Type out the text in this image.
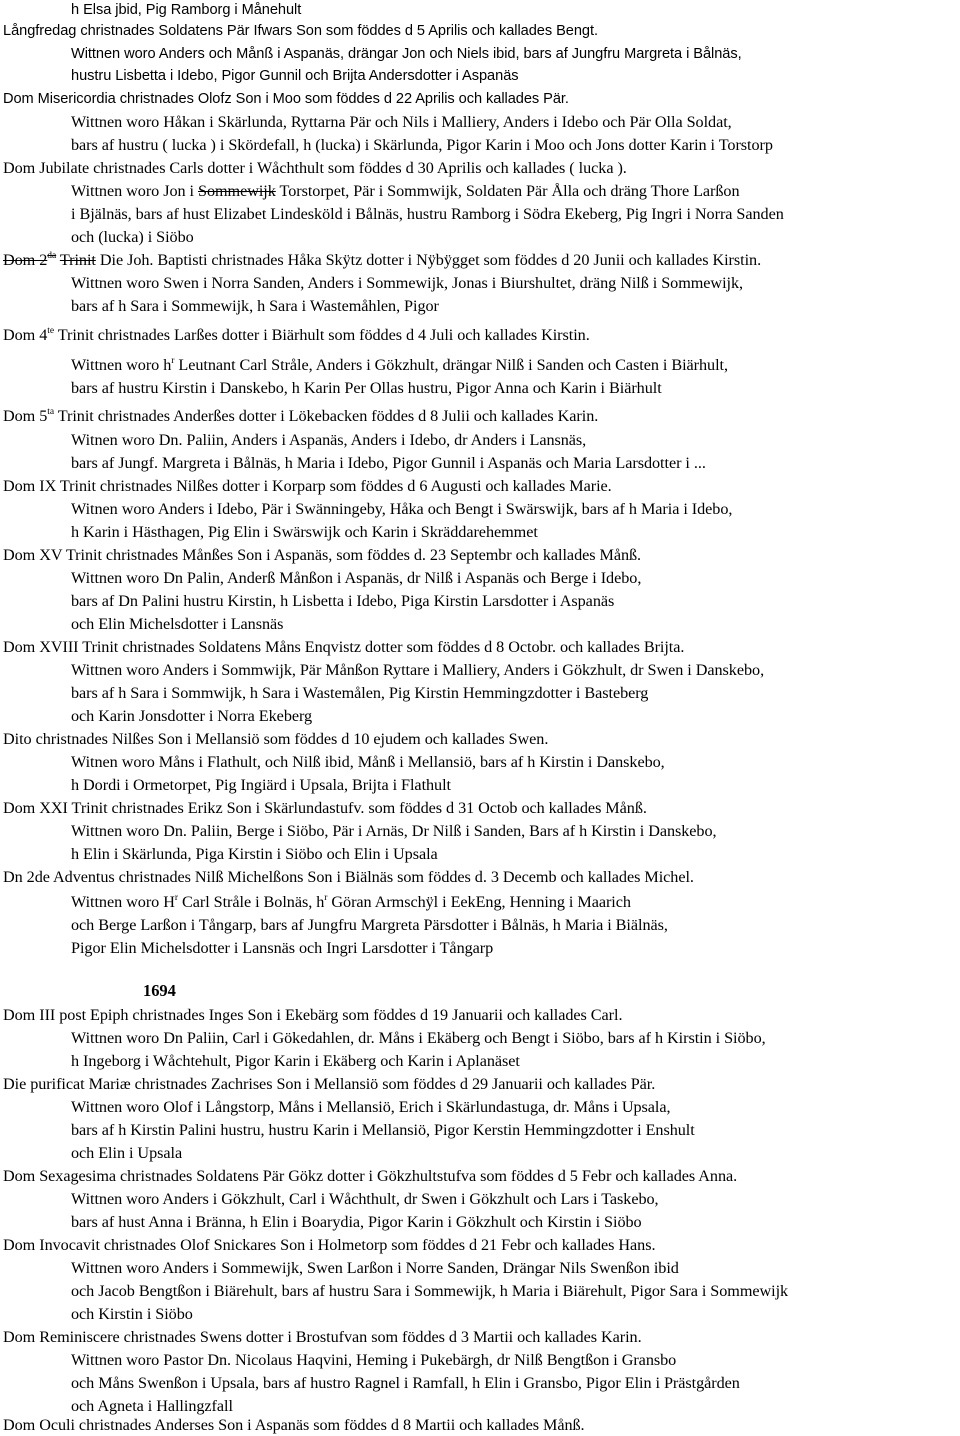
1694
h Elsa jbid, Pig Ramborg i Månehult
Långfredag christnades Soldatens Pär Ifwars Son som föddes d 5 Aprilis och kallades Bengt.
Wittnen woro Anders och Månß i Aspanäs, drängar Jon och Niels ibid, bars af Jungfru Margreta i Bålnäs,
hustru Lisbetta i Idebo, Pigor Gunnil och Brijta Andersdotter i Aspanäs
Dom Misericordia christnades Olofz Son i Moo som föddes d 22 Aprilis och kallades Pär.
Wittnen woro Håkan i Skärlunda, Ryttarna Pär och Nils i Malliery, Anders i Idebo och Pär Olla Soldat,
bars af hustru ( lucka ) i Skördefall, h (lucka) i Skärlunda, Pigor Karin i Moo och Jons dotter Karin i Torstorp
Dom Jubilate christnades Carls dotter i Wåchthult som föddes d 30 Aprilis och kallades ( lucka ).
Wittnen woro Jon i Sommewijk Torstorpet, Pär i Sommwijk, Soldaten Pär Ålla och dräng Thore Larßon
i Bjälnäs, bars af hust Elizabet Lindesköld i Bålnäs, hustru Ramborg i Södra Ekeberg, Pig Ingri i Norra Sanden
och (lucka) i Siöbo
Dom $2^{da}$ Trinit Die Joh. Baptisti christnades Håka Skÿtz dotter i Nÿbÿgget som föddes d 20 Junii och kallades Kirstin.
Wittnen woro Swen i Norra Sanden, Anders i Sommewijk, Jonas i Biurshultet, dräng Nilß i Sommewijk,
bars af h Sara i Sommewijk, h Sara i Wastemåhlen, Pigor
Dom $4^{te}$ Trinit christnades Larßes dotter i Biärhult som föddes d 4 Juli och kallades Kirstin.
Wittnen woro $h^r$ Leutnant Carl Stråle, Anders i Gökzhult, drängar Nilß i Sanden och Casten i Biärhult,
bars af hustru Kirstin i Danskebo, h Karin Per Ollas hustru, Pigor Anna och Karin i Biärhult
Dom $5^{ta}$ Trinit christnades Anderßes dotter i Lökebacken föddes d 8 Julii och kallades Karin.
Witnen woro Dn. Paliin, Anders i Aspanäs, Anders i Idebo, dr Anders i Lansnäs,
bars af Jungf. Margreta i Bålnäs, h Maria i Idebo, Pigor Gunnil i Aspanäs och Maria Larsdotter i ...
Dom IX Trinit christnades Nilßes dotter i Korparp som föddes d 6 Augusti och kallades Marie.
Witnen woro Anders i Idebo, Pär i Swänningeby, Håka och Bengt i Swärswijk, bars af h Maria i Idebo,
h Karin i Hästhagen, Pig Elin i Swärswijk och Karin i Skräddarehemmet
Dom XV Trinit christnades Månßes Son i Aspanäs, som föddes d. 23 Septembr och kallades Månß.
Wittnen woro Dn Palin, Anderß Månßon i Aspanäs, dr Nilß i Aspanäs och Berge i Idebo,
bars af Dn Palini hustru Kirstin, h Lisbetta i Idebo, Piga Kirstin Larsdotter i Aspanäs
och Elin Michelsdotter i Lansnäs
Dom XVIII Trinit christnades Soldatens Måns Enqvistz dotter som föddes d 8 Octobr. och kallades Brijta.
Wittnen woro Anders i Sommwijk, Pär Månßon Ryttare i Malliery, Anders i Gökzhult, dr Swen i Danskebo,
bars af h Sara i Sommwijk, h Sara i Wastemålen, Pig Kirstin Hemmingzdotter i Basteberg
och Karin Jonsdotter i Norra Ekeberg
Dito christnades Nilßes Son i Mellansiö som föddes d 10 ejudem och kallades Swen.
Witnen woro Måns i Flathult, och Nilß ibid, Månß i Mellansiö, bars af h Kirstin i Danskebo,
h Dordi i Ormetorpet, Pig Ingiärd i Upsala, Brijta i Flathult
Dom XXI Trinit christnades Erikz Son i Skärlundastufv. som föddes d 31 Octob och kallades Månß.
Wittnen woro Dn. Paliin, Berge i Siöbo, Pär i Arnäs, Dr Nilß i Sanden, Bars af h Kirstin i Danskebo,
h Elin i Skärlunda, Piga Kirstin i Siöbo och Elin i Upsala
Dn 2de Adventus christnades Nilß Michelßons Son i Biälnäs som föddes d. 3 Decemb och kallades Michel.
Wittnen woro $H^r$ Carl Stråle i Bolnäs, $h^r$ Göran Armschÿl i EekEng, Henning i Maarich
och Berge Larßon i Tångarp, bars af Jungfru Margreta Pärsdotter i Bålnäs, h Maria i Biälnäs,
Pigor Elin Michelsdotter i Lansnäs och Ingri Larsdotter i Tångarp
Dom III post Epiph christnades Inges Son i Ekebärg som föddes d 19 Januarii och kallades Carl.
Wittnen woro Dn Paliin, Carl i Gökedahlen, dr. Måns i Ekäberg och Bengt i Siöbo, bars af h Kirstin i Siöbo,
h Ingeborg i Wåchtehult, Pigor Karin i Ekäberg och Karin i Aplanäset
Die purificat Mariæ christnades Zachrises Son i Mellansiö som föddes d 29 Januarii och kallades Pär.
Wittnen woro Olof i Långstorp, Måns i Mellansiö, Erich i Skärlundastuga, dr. Måns i Upsala,
bars af h Kirstin Palini hustru, hustru Karin i Mellansiö, Pigor Kerstin Hemmingzdotter i Enshult
och Elin i Upsala
Dom Sexagesima christnades Soldatens Pär Gökz dotter i Gökzhultstufva som föddes d 5 Febr och kallades Anna.
Wittnen woro Anders i Gökzhult, Carl i Wåchthult, dr Swen i Gökzhult och Lars i Taskebo,
bars af hust Anna i Bränna, h Elin i Boarydia, Pigor Karin i Gökzhult och Kirstin i Siöbo
Dom Invocavit christnades Olof Snickares Son i Holmetorp som föddes d 21 Febr och kallades Hans.
Wittnen woro Anders i Sommewijk, Swen Larßon i Norre Sanden, Drängar Nils Swenßon ibid
och Jacob Bengtßon i Biärehult, bars af hustru Sara i Sommewijk, h Maria i Biärehult, Pigor Sara i Sommewijk
och Kirstin i Siöbo
Dom Reminiscere christnades Swens dotter i Brostufvan som föddes d 3 Martii och kallades Karin.
Wittnen woro Pastor Dn. Nicolaus Haqvini, Heming i Pukebärgh, dr Nilß Bengtßon i Gransbo
och Måns Swenßon i Upsala, bars af hustro Ragnel i Ramfall, h Elin i Gransbo, Pigor Elin i Prästgården
och Agneta i Hallingzfall
Dom Oculi christnades Anderses Son i Aspanäs som föddes d 8 Martii och kallades Månß.
